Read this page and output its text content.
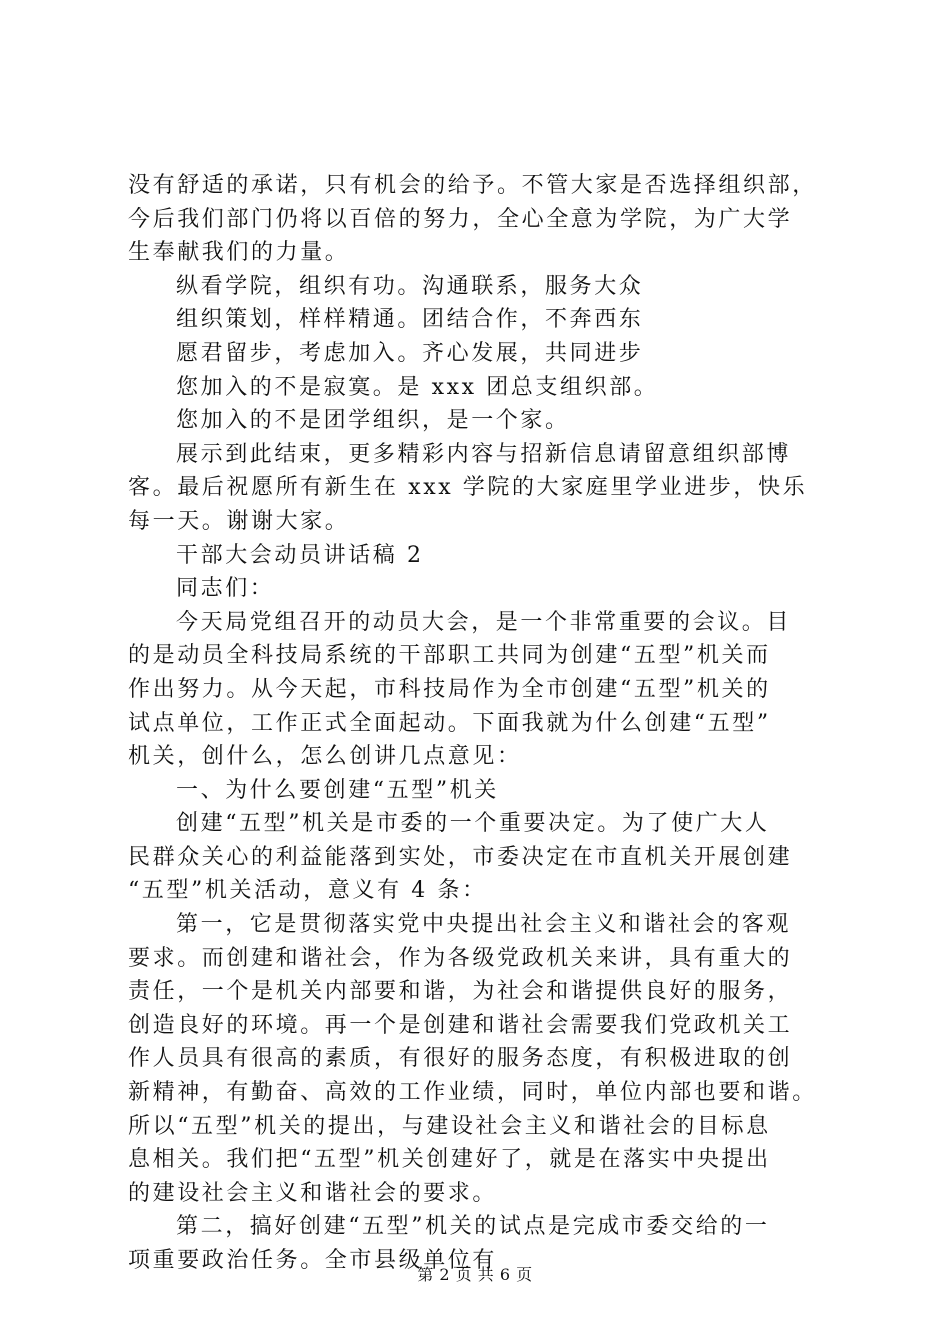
没有舒适的承诺，只有机会的给予。不管大家是否选择组织部，
今后我们部门仍将以百倍的努力，全心全意为学院，为广大学
生奉献我们的力量。
纵看学院，组织有功。沟通联系，服务大众
组织策划，样样精通。团结合作，不奔西东
愿君留步，考虑加入。齐心发展，共同进步
您加入的不是寂寞。是 xxx 团总支组织部。
您加入的不是团学组织，是一个家。
展示到此结束，更多精彩内容与招新信息请留意组织部博
客。最后祝愿所有新生在 xxx 学院的大家庭里学业进步，快乐
每一天。谢谢大家。
干部大会动员讲话稿 2
同志们：
今天局党组召开的动员大会，是一个非常重要的会议。目
的是动员全科技局系统的干部职工共同为创建“五型”机关而
作出努力。从今天起，市科技局作为全市创建“五型”机关的
试点单位，工作正式全面起动。下面我就为什么创建“五型”
机关，创什么，怎么创讲几点意见：
一、为什么要创建“五型”机关
创建“五型”机关是市委的一个重要决定。为了使广大人
民群众关心的利益能落到实处，市委决定在市直机关开展创建
“五型”机关活动，意义有 4 条：
第一，它是贯彻落实党中央提出社会主义和谐社会的客观
要求。而创建和谐社会，作为各级党政机关来讲，具有重大的
责任，一个是机关内部要和谐，为社会和谐提供良好的服务，
创造良好的环境。再一个是创建和谐社会需要我们党政机关工
作人员具有很高的素质，有很好的服务态度，有积极进取的创
新精神，有勤奋、高效的工作业绩，同时，单位内部也要和谐。
所以“五型”机关的提出，与建设社会主义和谐社会的目标息
息相关。我们把“五型”机关创建好了，就是在落实中央提出
的建设社会主义和谐社会的要求。
第二，搞好创建“五型”机关的试点是完成市委交给的一
项重要政治任务。全市县级单位有
第 2 页 共 6 页
